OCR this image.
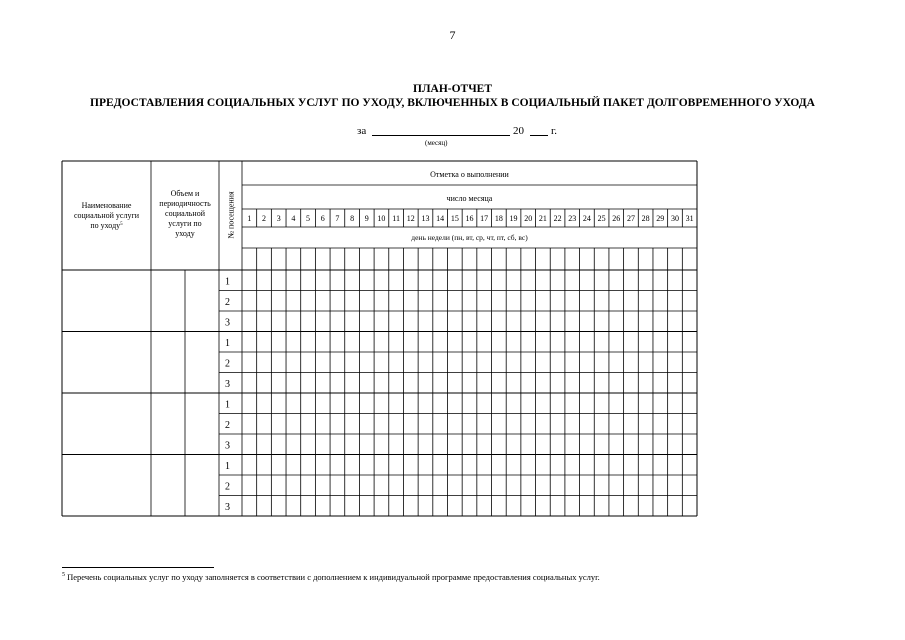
7
ПЛАН-ОТЧЕТ
ПРЕДОСТАВЛЕНИЯ СОЦИАЛЬНЫХ УСЛУГ ПО УХОДУ, ВКЛЮЧЕННЫХ В СОЦИАЛЬНЫЙ ПАКЕТ ДОЛГОВРЕМЕННОГО УХОДА
за	20 г.
(месяц)
1
2
3
1
2
3
1
2
3
1
2
3
Наименование
социальной услуги
по уходу$^5$
Объем и
периодичность
социальной
услуги по
уходу	№ посещения
Отметка о выполнении
число месяца
день недели (пн, вт, ср, чт, пт, сб, вс)
1 2 3 4 5 6 7 8 9 10 11 12 13 14 15 16 17 18 19 20 21 22 23 24 25 26 27 28 29 30 31
$^5$ Перечень социальных услуг по уходу заполняется в соответствии с дополнением к индивидуальной программе предоставления социальных услуг.
